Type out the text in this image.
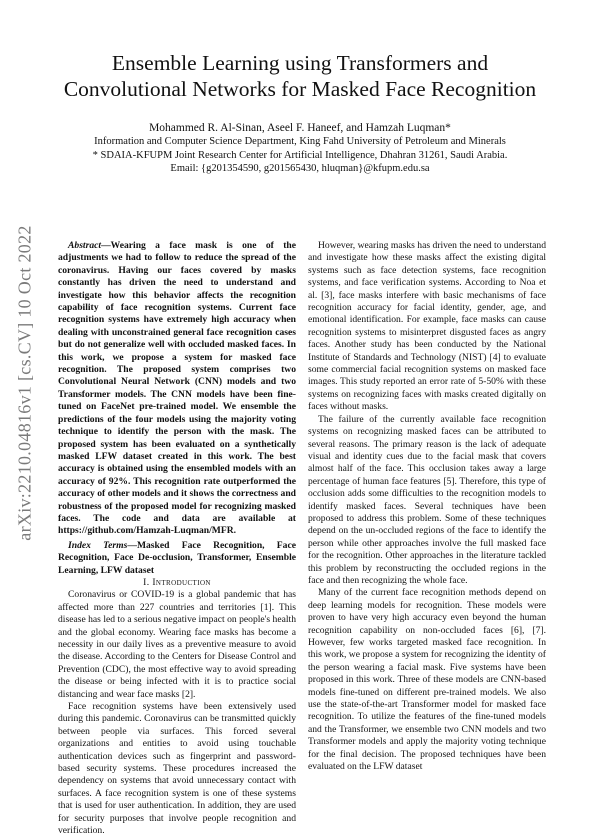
arXiv:2210.04816v1 [cs.CV] 10 Oct 2022
Ensemble Learning using Transformers and Convolutional Networks for Masked Face Recognition
Mohammed R. Al-Sinan, Aseel F. Haneef, and Hamzah Luqman*
Information and Computer Science Department, King Fahd University of Petroleum and Minerals
* SDAIA-KFUPM Joint Research Center for Artificial Intelligence, Dhahran 31261, Saudi Arabia.
Email: {g201354590, g201565430, hluqman}@kfupm.edu.sa

Abstract—Wearing a face mask is one of the adjustments we had to follow to reduce the spread of the coronavirus. Having our faces covered by masks constantly has driven the need to understand and investigate how this behavior affects the recognition capability of face recognition systems. Current face recognition systems have extremely high accuracy when dealing with unconstrained general face recognition cases but do not generalize well with occluded masked faces. In this work, we propose a system for masked face recognition. The proposed system comprises two Convolutional Neural Network (CNN) models and two Transformer models. The CNN models have been fine-tuned on FaceNet pre-trained model. We ensemble the predictions of the four models using the majority voting technique to identify the person with the mask. The proposed system has been evaluated on a synthetically masked LFW dataset created in this work. The best accuracy is obtained using the ensembled models with an accuracy of 92%. This recognition rate outperformed the accuracy of other models and it shows the correctness and robustness of the proposed model for recognizing masked faces. The code and data are available at https://github.com/Hamzah-Luqman/MFR.

Index Terms—Masked Face Recognition, Face Recognition, Face De-occlusion, Transformer, Ensemble Learning, LFW dataset

I. Introduction

Coronavirus or COVID-19 is a global pandemic that has affected more than 227 countries and territories [1]. This disease has led to a serious negative impact on people's health and the global economy. Wearing face masks has become a necessity in our daily lives as a preventive measure to avoid the disease. According to the Centers for Disease Control and Prevention (CDC), the most effective way to avoid spreading the disease or being infected with it is to practice social distancing and wear face masks [2].

Face recognition systems have been extensively used during this pandemic. Coronavirus can be transmitted quickly between people via surfaces. This forced several organizations and entities to avoid using touchable authentication devices such as fingerprint and password-based security systems. These procedures increased the dependency on systems that avoid unnecessary contact with surfaces. A face recognition system is one of these systems that is used for user authentication. In addition, they are used for security purposes that involve people recognition and verification.

However, wearing masks has driven the need to understand and investigate how these masks affect the existing digital systems such as face detection systems, face recognition systems, and face verification systems. According to Noa et al. [3], face masks interfere with basic mechanisms of face recognition accuracy for facial identity, gender, age, and emotional identification. For example, face masks can cause recognition systems to misinterpret disgusted faces as angry faces. Another study has been conducted by the National Institute of Standards and Technology (NIST) [4] to evaluate some commercial facial recognition systems on masked face images. This study reported an error rate of 5-50% with these systems on recognizing faces with masks created digitally on faces without masks.

The failure of the currently available face recognition systems on recognizing masked faces can be attributed to several reasons. The primary reason is the lack of adequate visual and identity cues due to the facial mask that covers almost half of the face. This occlusion takes away a large percentage of human face features [5]. Therefore, this type of occlusion adds some difficulties to the recognition models to identify masked faces. Several techniques have been proposed to address this problem. Some of these techniques depend on the un-occluded regions of the face to identify the person while other approaches involve the full masked face for the recognition. Other approaches in the literature tackled this problem by reconstructing the occluded regions in the face and then recognizing the whole face.

Many of the current face recognition methods depend on deep learning models for recognition. These models were proven to have very high accuracy even beyond the human recognition capability on non-occluded faces [6], [7]. However, few works targeted masked face recognition. In this work, we propose a system for recognizing the identity of the person wearing a facial mask. Five systems have been proposed in this work. Three of these models are CNN-based models fine-tuned on different pre-trained models. We also use the state-of-the-art Transformer model for masked face recognition. To utilize the features of the fine-tuned models and the Transformer, we ensemble two CNN models and two Transformer models and apply the majority voting technique for the final decision. The proposed techniques have been evaluated on the LFW dataset
